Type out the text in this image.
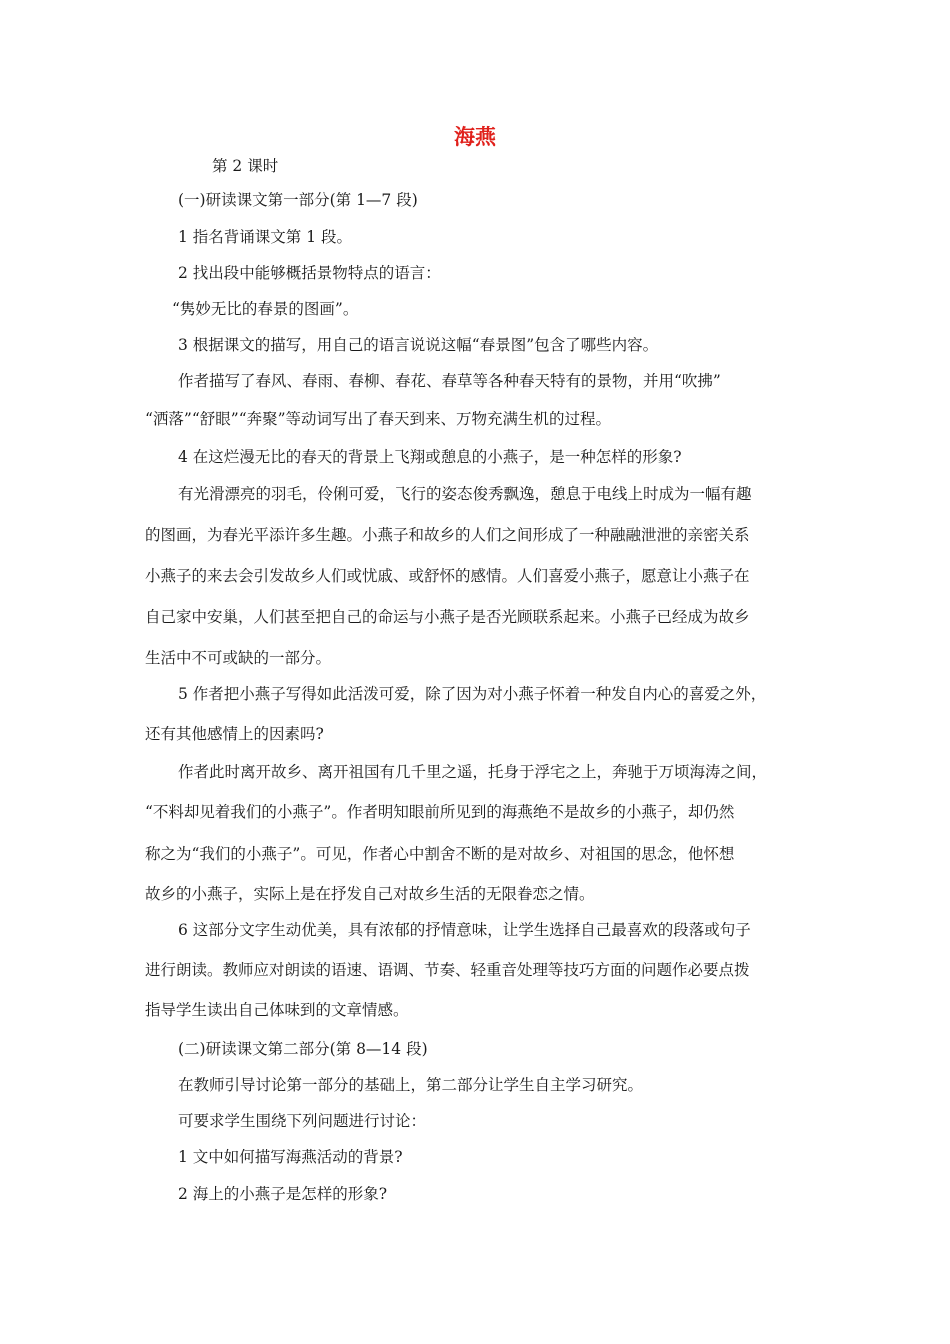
海燕
第 2 课时
(一)研读课文第一部分(第 1—7 段)
1 指名背诵课文第 1 段。
2 找出段中能够概括景物特点的语言：
“隽妙无比的春景的图画”。
3 根据课文的描写，用自己的语言说说这幅“春景图”包含了哪些内容。
作者描写了春风、春雨、春柳、春花、春草等各种春天特有的景物，并用“吹拂”
“洒落”“舒眼”“奔聚”等动词写出了春天到来、万物充满生机的过程。
4 在这烂漫无比的春天的背景上飞翔或憩息的小燕子，是一种怎样的形象?
有光滑漂亮的羽毛，伶俐可爱，飞行的姿态俊秀飘逸，憩息于电线上时成为一幅有趣
的图画，为春光平添许多生趣。小燕子和故乡的人们之间形成了一种融融泄泄的亲密关系
小燕子的来去会引发故乡人们或忧戚、或舒怀的感情。人们喜爱小燕子，愿意让小燕子在
自己家中安巢，人们甚至把自己的命运与小燕子是否光顾联系起来。小燕子已经成为故乡
生活中不可或缺的一部分。
5 作者把小燕子写得如此活泼可爱，除了因为对小燕子怀着一种发自内心的喜爱之外，
还有其他感情上的因素吗?
作者此时离开故乡、离开祖国有几千里之遥，托身于浮宅之上，奔驰于万顷海涛之间，
“不料却见着我们的小燕子”。作者明知眼前所见到的海燕绝不是故乡的小燕子，却仍然
称之为“我们的小燕子”。可见，作者心中割舍不断的是对故乡、对祖国的思念，他怀想
故乡的小燕子，实际上是在抒发自己对故乡生活的无限眷恋之情。
6 这部分文字生动优美，具有浓郁的抒情意味，让学生选择自己最喜欢的段落或句子
进行朗读。教师应对朗读的语速、语调、节奏、轻重音处理等技巧方面的问题作必要点拨
指导学生读出自己体味到的文章情感。
(二)研读课文第二部分(第 8—14 段)
在教师引导讨论第一部分的基础上，第二部分让学生自主学习研究。
可要求学生围绕下列问题进行讨论：
1 文中如何描写海燕活动的背景?
2 海上的小燕子是怎样的形象?
